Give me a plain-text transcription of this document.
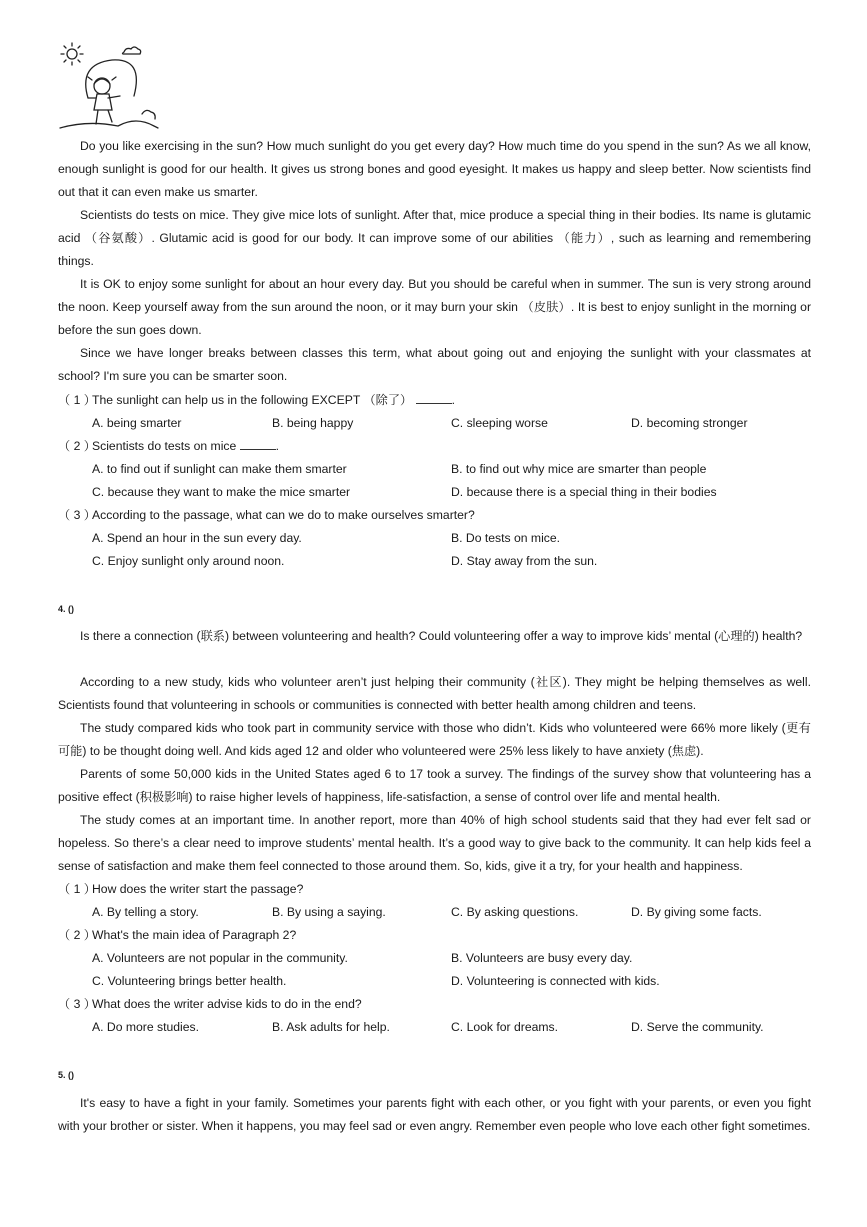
Do you like exercising in the sun? How much sunlight do you get every day? How much time do you spend in the sun? As we all know, enough sunlight is good for our health. It gives us strong bones and good eyesight. It makes us happy and sleep better. Now scientists find out that it can even make us smarter.

Scientists do tests on mice. They give mice lots of sunlight. After that, mice produce a special thing in their bodies. Its name is glutamic acid （谷氨酸）. Glutamic acid is good for our body. It can improve some of our abilities （能力）, such as learning and remembering things.

It is OK to enjoy some sunlight for about an hour every day. But you should be careful when in summer. The sun is very strong around the noon. Keep yourself away from the sun around the noon, or it may burn your skin （皮肤）. It is best to enjoy sunlight in the morning or before the sun goes down.

Since we have longer breaks between classes this term, what about going out and enjoying the sunlight with your classmates at school? I'm sure you can be smarter soon.

（ 1 ）The sunlight can help us in the following EXCEPT （除了）	.
A. being smarter	B. being happy	C. sleeping worse	D. becoming stronger
（ 2 ）Scientists do tests on mice	.
A. to find out if sunlight can make them smarter	B. to find out why mice are smarter than people
C. because they want to make the mice smarter	D. because there is a special thing in their bodies
（ 3 ）According to the passage, what can we do to make ourselves smarter?
A. Spend an hour in the sun every day.	B. Do tests on mice.
C. Enjoy sunlight only around noon.	D. Stay away from the sun.
4. ()

Is there a connection (联系) between volunteering and health? Could volunteering offer a way to improve kids’ mental (心理的) health?

According to a new study, kids who volunteer aren’t just helping their community (社区). They might be helping themselves as well. Scientists found that volunteering in schools or communities is connected with better health among children and teens.

The study compared kids who took part in community service with those who didn’t. Kids who volunteered were 66% more likely (更有可能) to be thought doing well. And kids aged 12 and older who volunteered were 25% less likely to have anxiety (焦虑).

Parents of some 50,000 kids in the United States aged 6 to 17 took a survey. The findings of the survey show that volunteering has a positive effect (积极影响) to raise higher levels of happiness, life-satisfaction, a sense of control over life and mental health.

The study comes at an important time. In another report, more than 40% of high school students said that they had ever felt sad or hopeless. So there’s a clear need to improve students’ mental health. It’s a good way to give back to the community. It can help kids feel a sense of satisfaction and make them feel connected to those around them. So, kids, give it a try, for your health and happiness.

（ 1 ）How does the writer start the passage?
A. By telling a story.	B. By using a saying.	C. By asking questions.	D. By giving some facts.
（ 2 ）What's the main idea of Paragraph 2?
A. Volunteers are not popular in the community.	B. Volunteers are busy every day.
C. Volunteering brings better health.	D. Volunteering is connected with kids.
（ 3 ）What does the writer advise kids to do in the end?
A. Do more studies.	B. Ask adults for help.	C. Look for dreams.	D. Serve the community.
5. ()

It's easy to have a fight in your family. Sometimes your parents fight with each other, or you fight with your parents, or even you fight with your brother or sister. When it happens, you may feel sad or even angry. Remember even people who love each other fight sometimes.
